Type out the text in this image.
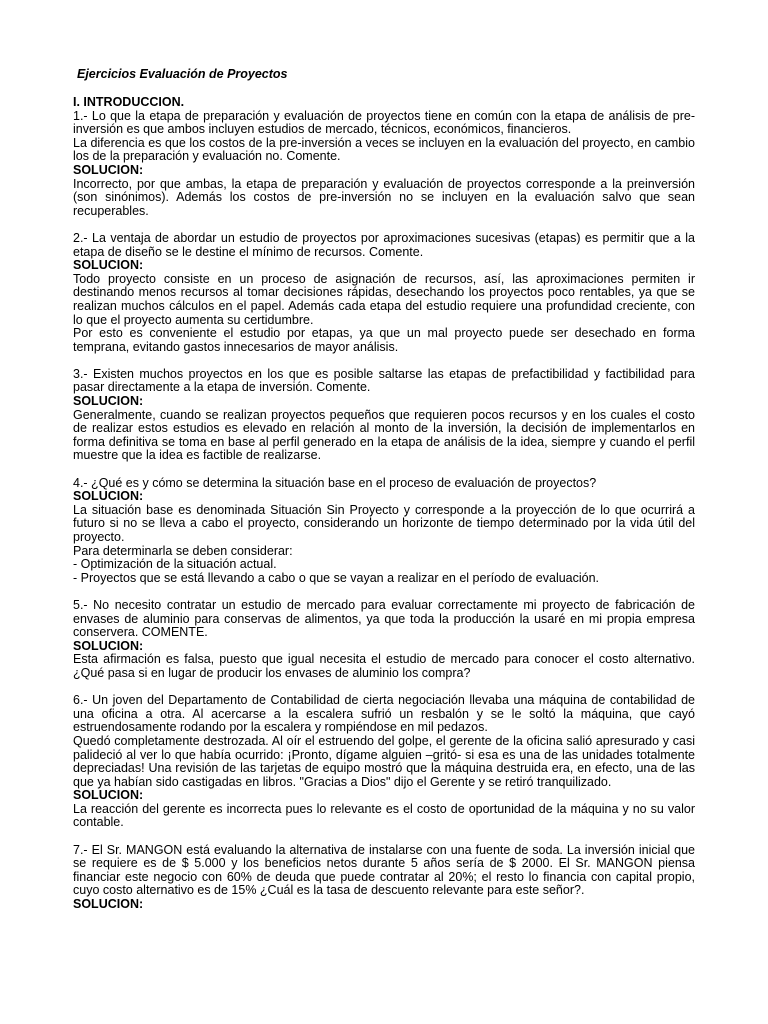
Ejercicios Evaluación de Proyectos
I. INTRODUCCION.

1.- Lo que la etapa de preparación y evaluación de proyectos tiene en común con la etapa de análisis de pre-inversión es que ambos incluyen estudios de mercado, técnicos, económicos, financieros.

La diferencia es que los costos de la pre-inversión a veces se incluyen en la evaluación del proyecto, en cambio los de la preparación y evaluación no. Comente.

SOLUCION:

Incorrecto, por que ambas, la etapa de preparación y evaluación de proyectos corresponde a la preinversión (son sinónimos). Además los costos de pre-inversión no se incluyen en la evaluación salvo que sean recuperables.

2.- La ventaja de abordar un estudio de proyectos por aproximaciones sucesivas (etapas) es permitir que a la etapa de diseño se le destine el mínimo de recursos. Comente.

SOLUCION:

Todo proyecto consiste en un proceso de asignación de recursos, así, las aproximaciones permiten ir destinando menos recursos al tomar decisiones rápidas, desechando los proyectos poco rentables, ya que se realizan muchos cálculos en el papel. Además cada etapa del estudio requiere una profundidad creciente, con lo que el proyecto aumenta su certidumbre.

Por esto es conveniente el estudio por etapas, ya que un mal proyecto puede ser desechado en forma temprana, evitando gastos innecesarios de mayor análisis.

3.- Existen muchos proyectos en los que es posible saltarse las etapas de prefactibilidad y factibilidad para pasar directamente a la etapa de inversión. Comente.

SOLUCION:

Generalmente, cuando se realizan proyectos pequeños que requieren pocos recursos y en los cuales el costo de realizar estos estudios es elevado en relación al monto de la inversión, la decisión de implementarlos en forma definitiva se toma en base al perfil generado en la etapa de análisis de la idea, siempre y cuando el perfil muestre que la idea es factible de realizarse.

4.- ¿Qué es y cómo se determina la situación base en el proceso de evaluación de proyectos?

SOLUCION:

La situación base es denominada Situación Sin Proyecto y corresponde a la proyección de lo que ocurrirá a futuro si no se lleva a cabo el proyecto, considerando un horizonte de tiempo determinado por la vida útil del proyecto.

Para determinarla se deben considerar:

- Optimización de la situación actual.

- Proyectos que se está llevando a cabo o que se vayan a realizar en el período de evaluación.

5.- No necesito contratar un estudio de mercado para evaluar correctamente mi proyecto de fabricación de envases de aluminio para conservas de alimentos, ya que toda la producción la usaré en mi propia empresa conservera. COMENTE.

SOLUCION:

Esta afirmación es falsa, puesto que igual necesita el estudio de mercado para conocer el costo alternativo. ¿Qué pasa si en lugar de producir los envases de aluminio los compra?

6.- Un joven del Departamento de Contabilidad de cierta negociación llevaba una máquina de contabilidad de una oficina a otra. Al acercarse a la escalera sufrió un resbalón y se le soltó la máquina, que cayó estruendosamente rodando por la escalera y rompiéndose en mil pedazos.

Quedó completamente destrozada. Al oír el estruendo del golpe, el gerente de la oficina salió apresurado y casi palideció al ver lo que había ocurrido: ¡Pronto, dígame alguien –gritó- si esa es una de las unidades totalmente depreciadas! Una revisión de las tarjetas de equipo mostró que la máquina destruida era, en efecto, una de las que ya habían sido castigadas en libros. "Gracias a Dios" dijo el Gerente y se retiró tranquilizado.

SOLUCION:

La reacción del gerente es incorrecta pues lo relevante es el costo de oportunidad de la máquina y no su valor contable.

7.- El Sr. MANGON está evaluando la alternativa de instalarse con una fuente de soda. La inversión inicial que se requiere es de $ 5.000 y los beneficios netos durante 5 años sería de $ 2000. El Sr. MANGON piensa financiar este negocio con 60% de deuda que puede contratar al 20%; el resto lo financia con capital propio, cuyo costo alternativo es de 15% ¿Cuál es la tasa de descuento relevante para este señor?.

SOLUCION:
